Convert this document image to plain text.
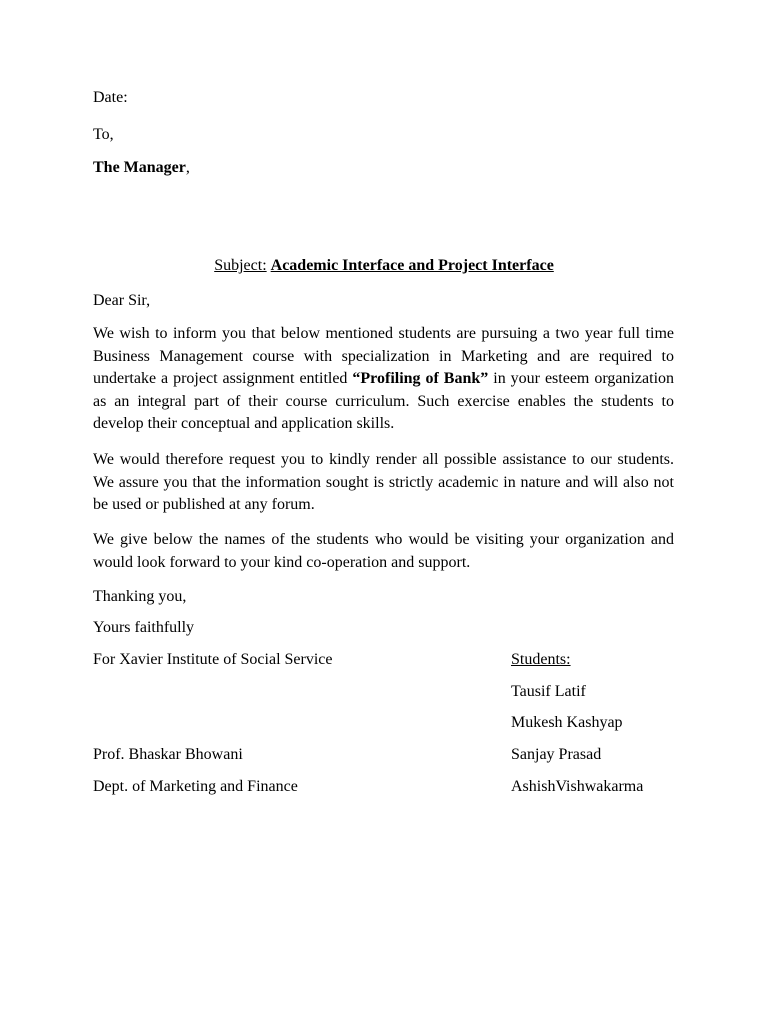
Date:
To,
The Manager,
Subject: Academic Interface and Project Interface
Dear Sir,
We wish to inform you that below mentioned students are pursuing a two year full time Business Management course with specialization in Marketing and are required to undertake a project assignment entitled “Profiling of Bank” in your esteem organization as an integral part of their course curriculum. Such exercise enables the students to develop their conceptual and application skills.
We would therefore request you to kindly render all possible assistance to our students. We assure you that the information sought is strictly academic in nature and will also not be used or published at any forum.
We give below the names of the students who would be visiting your organization and would look forward to your kind co-operation and support.
Thanking you,
Yours faithfully
For Xavier Institute of Social Service
Prof. Bhaskar Bhowani
Dept. of Marketing and Finance
Students:
Tausif Latif
Mukesh Kashyap
Sanjay Prasad
AshishVishwakarma
